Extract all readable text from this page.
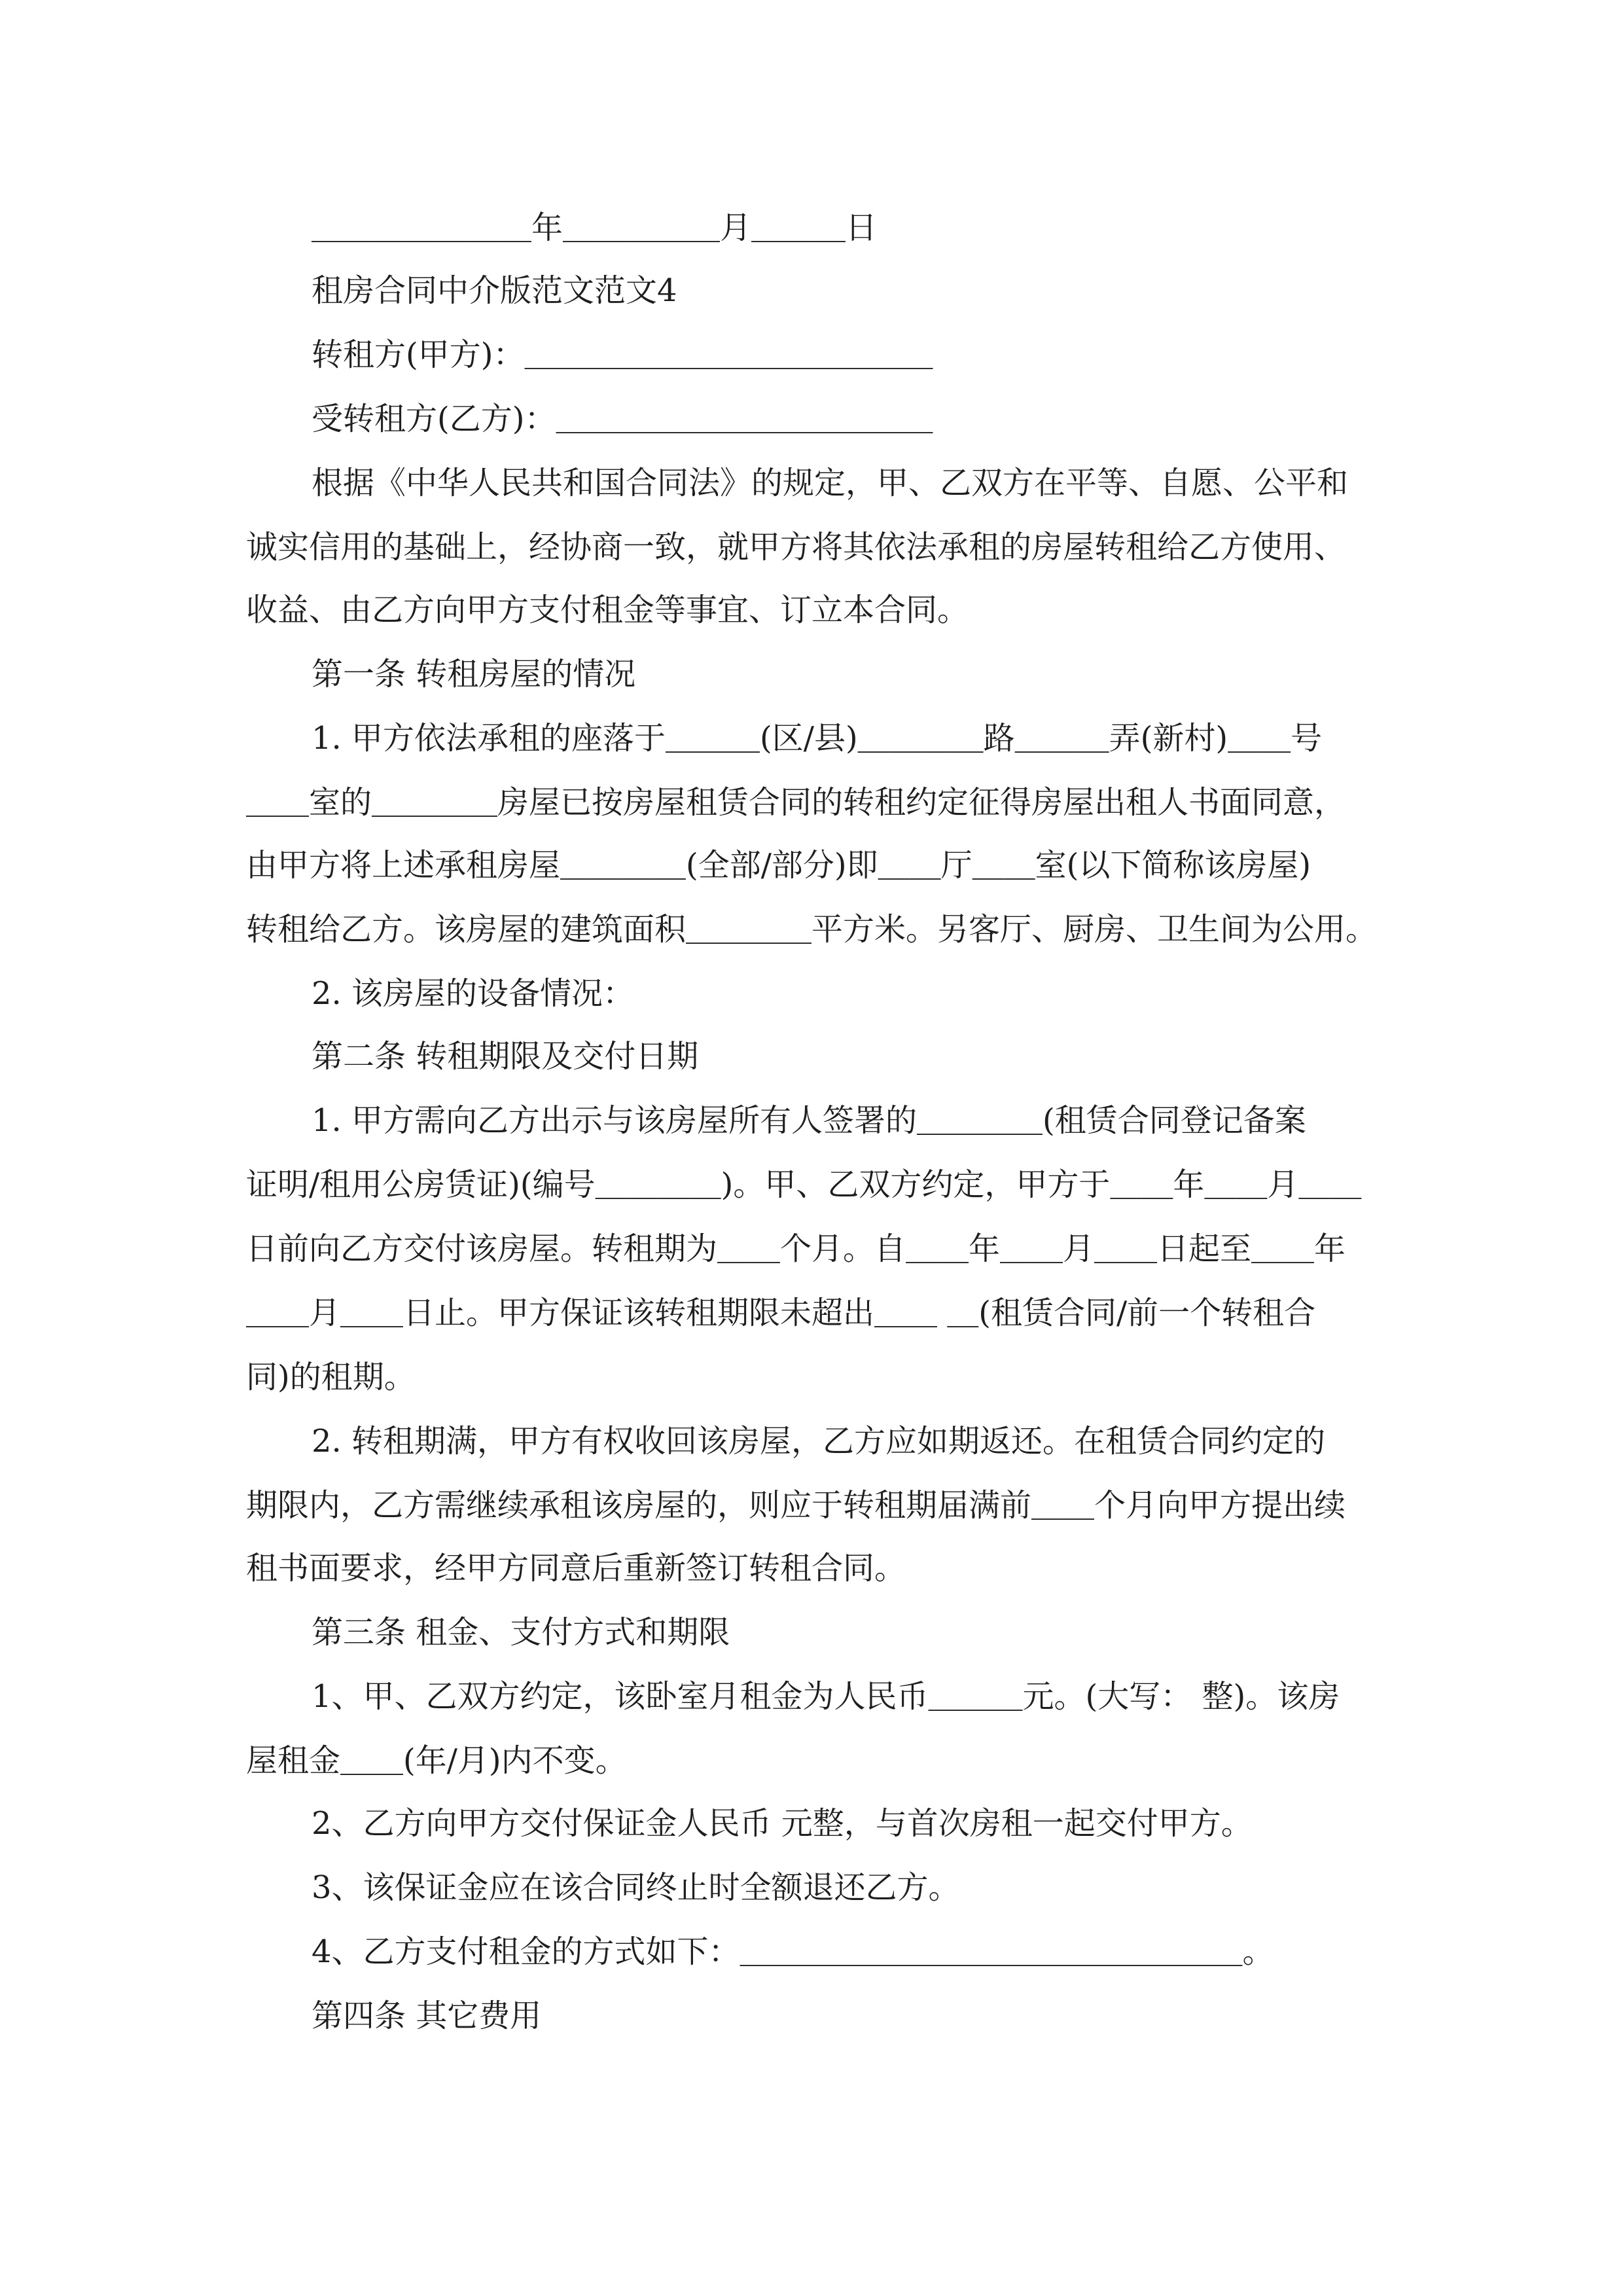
＿＿＿＿＿＿＿年＿＿＿＿＿月＿＿＿日
租房合同中介版范文范文4
转租方(甲方)：＿＿＿＿＿＿＿＿＿＿＿＿＿
受转租方(乙方)：＿＿＿＿＿＿＿＿＿＿＿＿
根据《中华人民共和国合同法》的规定，甲、乙双方在平等、自愿、公平和
诚实信用的基础上，经协商一致，就甲方将其依法承租的房屋转租给乙方使用、
收益、由乙方向甲方支付租金等事宜、订立本合同。
第一条 转租房屋的情况
1. 甲方依法承租的座落于＿＿＿(区/县)＿＿＿＿路＿＿＿弄(新村)＿＿号
＿＿室的＿＿＿＿房屋已按房屋租赁合同的转租约定征得房屋出租人书面同意，
由甲方将上述承租房屋＿＿＿＿(全部/部分)即＿＿厅＿＿室(以下简称该房屋)
转租给乙方。该房屋的建筑面积＿＿＿＿平方米。另客厅、厨房、卫生间为公用。
2. 该房屋的设备情况：
第二条 转租期限及交付日期
1. 甲方需向乙方出示与该房屋所有人签署的＿＿＿＿(租赁合同登记备案
证明/租用公房赁证)(编号＿＿＿＿)。甲、乙双方约定，甲方于＿＿年＿＿月＿＿
日前向乙方交付该房屋。转租期为＿＿个月。自＿＿年＿＿月＿＿日起至＿＿年
＿＿月＿＿日止。甲方保证该转租期限未超出＿＿ ＿(租赁合同/前一个转租合
同)的租期。
2. 转租期满，甲方有权收回该房屋，乙方应如期返还。在租赁合同约定的
期限内，乙方需继续承租该房屋的，则应于转租期届满前＿＿个月向甲方提出续
租书面要求，经甲方同意后重新签订转租合同。
第三条 租金、支付方式和期限
1、甲、乙双方约定，该卧室月租金为人民币＿＿＿元。(大写： 整)。该房
屋租金＿＿(年/月)内不变。
2、乙方向甲方交付保证金人民币 元整，与首次房租一起交付甲方。
3、该保证金应在该合同终止时全额退还乙方。
4、乙方支付租金的方式如下：＿＿＿＿＿＿＿＿＿＿＿＿＿＿＿＿。
第四条 其它费用
